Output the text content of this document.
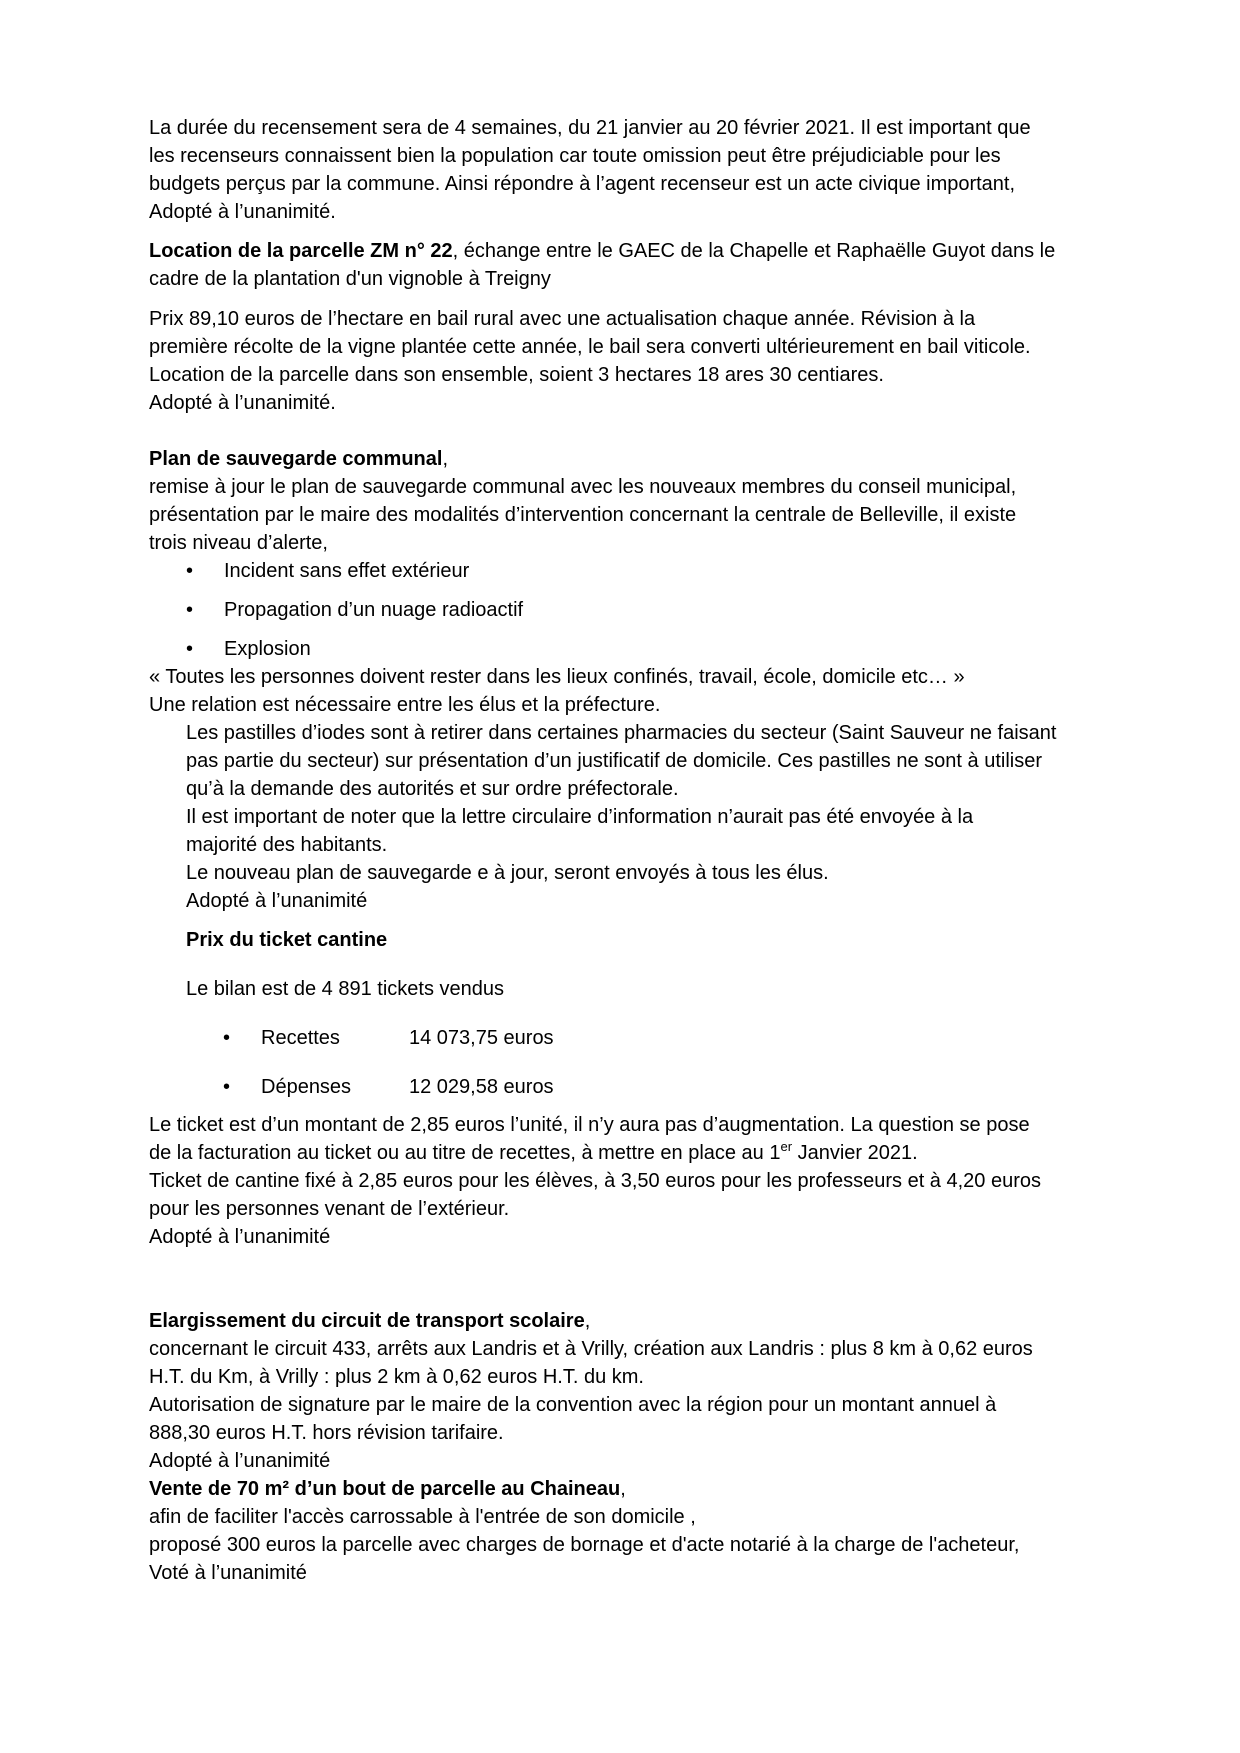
La durée du recensement sera de 4 semaines, du 21 janvier au 20 février 2021. Il est important que
les recenseurs connaissent bien la population car toute omission peut être préjudiciable pour les
budgets perçus par la commune. Ainsi répondre à l’agent recenseur est un acte civique important,
Adopté à l’unanimité.
Location de la parcelle ZM n° 22, échange entre le GAEC de la Chapelle et Raphaëlle Guyot dans le
cadre de la plantation d'un vignoble à Treigny
Prix 89,10 euros de l’hectare en bail rural avec une actualisation chaque année. Révision à la
première récolte de la vigne plantée cette année, le bail sera converti ultérieurement en bail viticole.
Location de la parcelle dans son ensemble, soient 3 hectares 18 ares 30 centiares.
Adopté à l’unanimité.
Plan de sauvegarde communal,
remise à jour le plan de sauvegarde communal avec les nouveaux membres du conseil municipal,
présentation par le maire des modalités d’intervention concernant la centrale de Belleville, il existe
trois niveau d’alerte,
•	Incident sans effet extérieur
•	Propagation d’un nuage radioactif
•	Explosion
« Toutes les personnes doivent rester dans les lieux confinés, travail, école, domicile etc… »
Une relation est nécessaire entre les élus et la préfecture.
Les pastilles d’iodes sont à retirer dans certaines pharmacies du secteur (Saint Sauveur ne faisant
pas partie du secteur) sur présentation d’un justificatif de domicile. Ces pastilles ne sont à utiliser
qu’à la demande des autorités et sur ordre préfectorale.
Il est important de noter que la lettre circulaire d’information n’aurait pas été envoyée à la
majorité des habitants.
Le nouveau plan de sauvegarde e à jour, seront envoyés à tous les élus.
Adopté à l’unanimité
Prix du ticket cantine
Le bilan est de 4 891 tickets vendus
•	Recettes	14 073,75 euros
•	Dépenses	12 029,58 euros
Le ticket est d’un montant de 2,85 euros l’unité, il n’y aura pas d’augmentation. La question se pose
de la facturation au ticket ou au titre de recettes, à mettre en place au 1er Janvier 2021.
Ticket de cantine fixé à 2,85 euros pour les élèves, à 3,50 euros pour les professeurs et à 4,20 euros
pour les personnes venant de l’extérieur.
Adopté à l’unanimité
Elargissement du circuit de transport scolaire,
concernant le circuit 433, arrêts aux Landris et à Vrilly, création aux Landris : plus 8 km à 0,62 euros
H.T. du Km, à Vrilly : plus 2 km à 0,62 euros H.T. du km.
Autorisation de signature par le maire de la convention avec la région pour un montant annuel à
888,30 euros H.T. hors révision tarifaire.
Adopté à l’unanimité
Vente de 70 m² d’un bout de parcelle au Chaineau,
afin de faciliter l'accès carrossable à l'entrée de son domicile ,
proposé 300 euros la parcelle avec charges de bornage et d'acte notarié à la charge de l'acheteur,
Voté à l’unanimité
